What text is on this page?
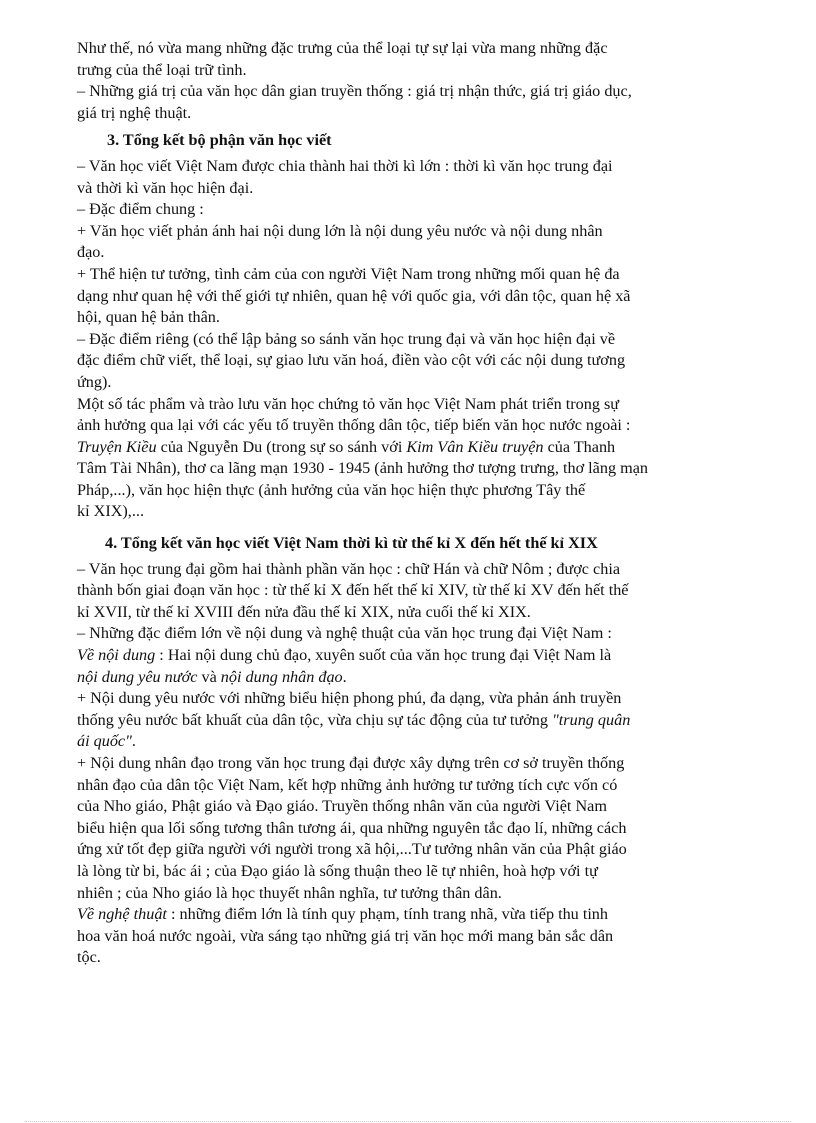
Như thế, nó vừa mang những đặc trưng của thể loại tự sự lại vừa mang những đặc
trưng của thể loại trữ tình.
– Những giá trị của văn học dân gian truyền thống : giá trị nhận thức, giá trị giáo dục,
giá trị nghệ thuật.
3. Tổng kết bộ phận văn học viết
– Văn học viết Việt Nam được chia thành hai thời kì lớn : thời kì văn học trung đại
và thời kì văn học hiện đại.
– Đặc điểm chung :
+ Văn học viết phản ánh hai nội dung lớn là nội dung yêu nước và nội dung nhân
đạo.
+ Thể hiện tư tưởng, tình cảm của con người Việt Nam trong những mối quan hệ đa
dạng như quan hệ với thế giới tự nhiên, quan hệ với quốc gia, với dân tộc, quan hệ xã
hội, quan hệ bản thân.
– Đặc điểm riêng (có thể lập bảng so sánh văn học trung đại và văn học hiện đại về
đặc điểm chữ viết, thể loại, sự giao lưu văn hoá, điền vào cột với các nội dung tương
ứng).
Một số tác phẩm và trào lưu văn học chứng tỏ văn học Việt Nam phát triển trong sự
ảnh hưởng qua lại với các yếu tố truyền thống dân tộc, tiếp biến văn học nước ngoài :
Truyện Kiều của Nguyễn Du (trong sự so sánh với Kim Vân Kiều truyện của Thanh
Tâm Tài Nhân), thơ ca lãng mạn 1930 - 1945 (ảnh hưởng thơ tượng trưng, thơ lãng mạn
Pháp,...), văn học hiện thực (ảnh hưởng của văn học hiện thực phương Tây thế
kỉ XIX),...
4. Tổng kết văn học viết Việt Nam thời kì từ thế kỉ X đến hết thế kỉ XIX
– Văn học trung đại gồm hai thành phần văn học : chữ Hán và chữ Nôm ; được chia
thành bốn giai đoạn văn học : từ thế kỉ X đến hết thế kỉ XIV, từ thế kỉ XV đến hết thế
kỉ XVII, từ thế kỉ XVIII đến nửa đầu thế kỉ XIX, nửa cuối thế kỉ XIX.
– Những đặc điểm lớn về nội dung và nghệ thuật của văn học trung đại Việt Nam :
Về nội dung : Hai nội dung chủ đạo, xuyên suốt của văn học trung đại Việt Nam là
nội dung yêu nước và nội dung nhân đạo.
+ Nội dung yêu nước với những biểu hiện phong phú, đa dạng, vừa phản ánh truyền
thống yêu nước bất khuất của dân tộc, vừa chịu sự tác động của tư tưởng "trung quân
ái quốc".
+ Nội dung nhân đạo trong văn học trung đại được xây dựng trên cơ sở truyền thống
nhân đạo của dân tộc Việt Nam, kết hợp những ảnh hưởng tư tưởng tích cực vốn có
của Nho giáo, Phật giáo và Đạo giáo. Truyền thống nhân văn của người Việt Nam
biểu hiện qua lối sống tương thân tương ái, qua những nguyên tắc đạo lí, những cách
ứng xử tốt đẹp giữa người với người trong xã hội,...Tư tưởng nhân văn của Phật giáo
là lòng từ bi, bác ái ; của Đạo giáo là sống thuận theo lẽ tự nhiên, hoà hợp với tự
nhiên ; của Nho giáo là học thuyết nhân nghĩa, tư tưởng thân dân.
Về nghệ thuật : những điểm lớn là tính quy phạm, tính trang nhã, vừa tiếp thu tinh
hoa văn hoá nước ngoài, vừa sáng tạo những giá trị văn học mới mang bản sắc dân
tộc.
